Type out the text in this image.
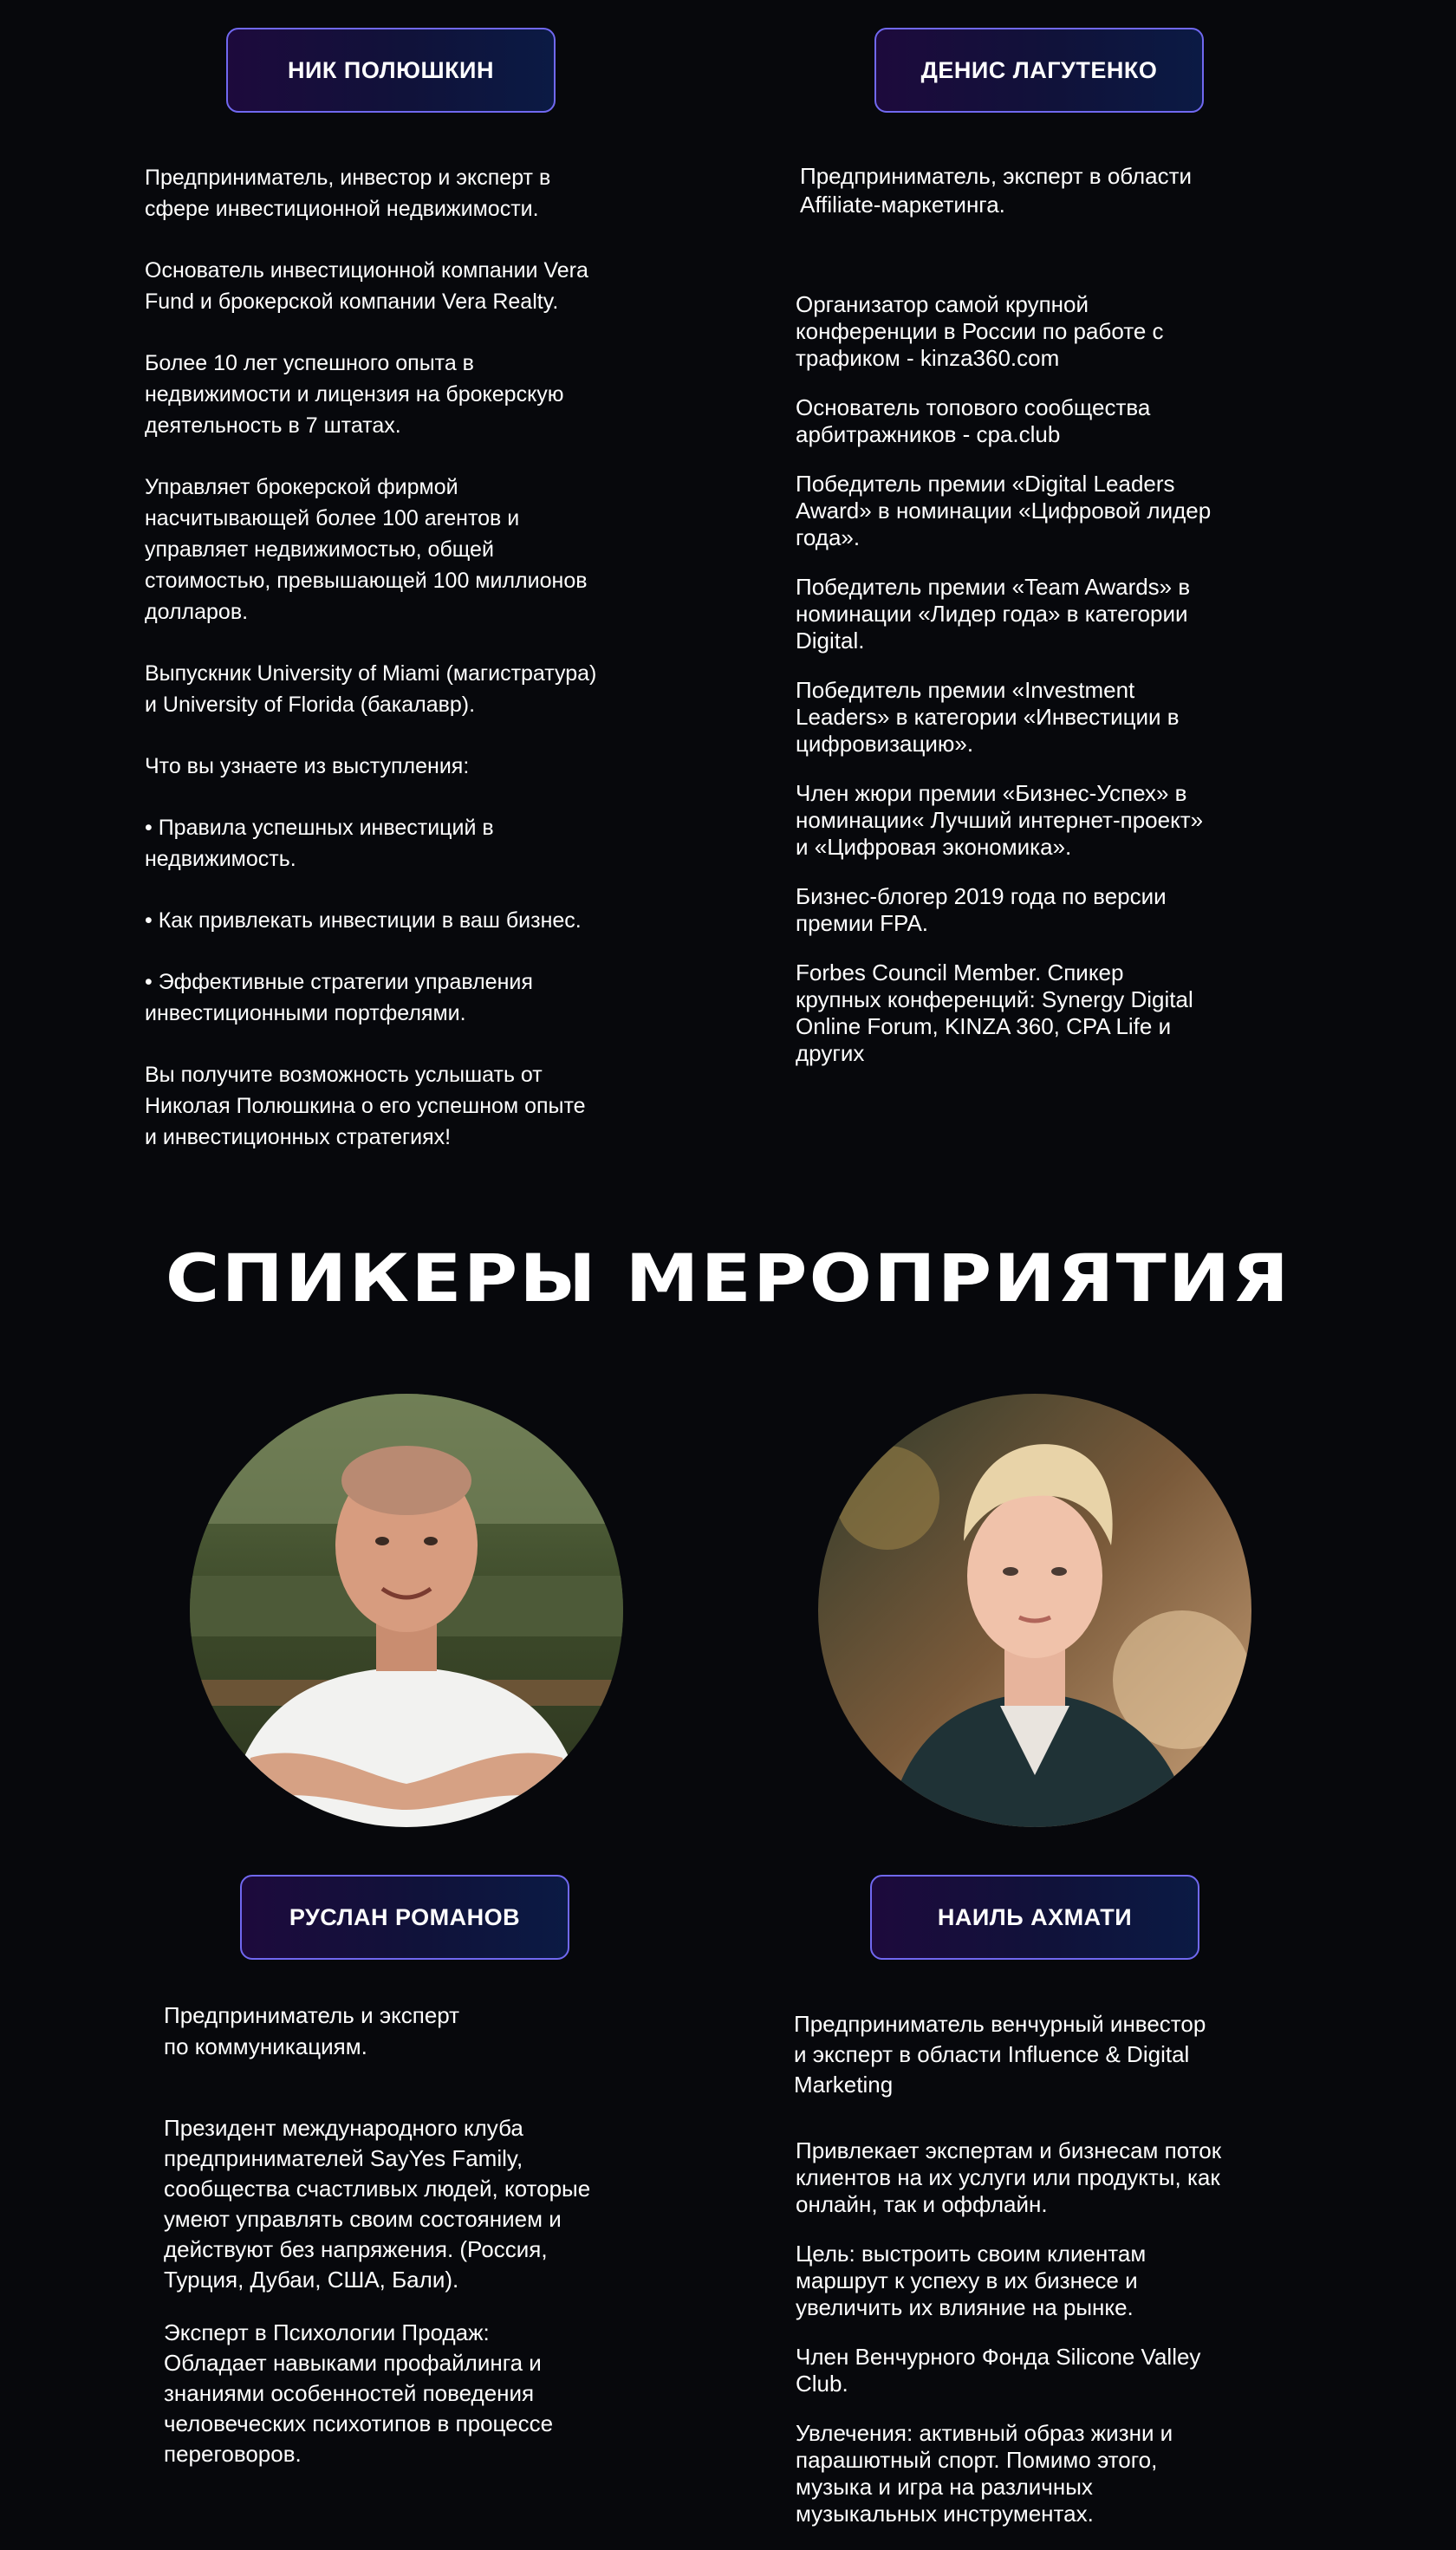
НИК ПОЛЮШКИН	ДЕНИС ЛАГУТЕНКО

Предприниматель, инвестор и эксперт в
сфере инвестиционной недвижимости.

Основатель инвестиционной компании Vera
Fund и брокерской компании Vera Realty.

Более 10 лет успешного опыта в
недвижимости и лицензия на брокерскую
деятельность в 7 штатах.

Управляет брокерской фирмой
насчитывающей более 100 агентов и
управляет недвижимостью, общей
стоимостью, превышающей 100 миллионов
долларов.

Выпускник University of Miami (магистратура)
и University of Florida (бакалавр).

Что вы узнаете из выступления:

• Правила успешных инвестиций в
недвижимость.

• Как привлекать инвестиции в ваш бизнес.

• Эффективные стратегии управления
инвестиционными портфелями.

Вы получите возможность услышать от
Николая Полюшкина о его успешном опыте
и инвестиционных стратегиях!

Предприниматель, эксперт в области
Affiliate-маркетинга.

Организатор самой крупной
конференции в России по работе с
трафиком - kinza360.com

Основатель топового сообщества
арбитражников - cpa.club

Победитель премии «Digital Leaders
Award» в номинации «Цифровой лидер
года».

Победитель премии «Team Awards» в
номинации «Лидер года» в категории
Digital.

Победитель премии «Investment
Leaders» в категории «Инвестиции в
цифровизацию».

Член жюри премии «Бизнес-Успех» в
номинации« Лучший интернет-проект»
и «Цифровая экономика».

Бизнес-блогер 2019 года по версии
премии FPA.

Forbes Council Member. Спикер
крупных конференций: Synergy Digital
Online Forum, KINZA 360, CPA Life и
других

СПИКЕРЫ МЕРОПРИЯТИЯ
РУСЛАН РОМАНОВ	НАИЛЬ АХМАТИ
Предприниматель и эксперт
по коммуникациям.

Президент международного клуба
предпринимателей SayYes Family,
сообщества счастливых людей, которые
умеют управлять своим состоянием и
действуют без напряжения. (Россия,
Турция, Дубаи, США, Бали).

Эксперт в Психологии Продаж:
Обладает навыками профайлинга и
знаниями особенностей поведения
человеческих психотипов в процессе
переговоров.

Предприниматель венчурный инвестор
и эксперт в области Influence & Digital
Marketing

Привлекает экспертам и бизнесам поток
клиентов на их услуги или продукты, как
онлайн, так и оффлайн.

Цель: выстроить своим клиентам
маршрут к успеху в их бизнесе и
увеличить их влияние на рынке.

Член Венчурного Фонда Silicone Valley
Club.

Увлечения: активный образ жизни и
парашютный спорт. Помимо этого,
музыка и игра на различных
музыкальных инструментах.
